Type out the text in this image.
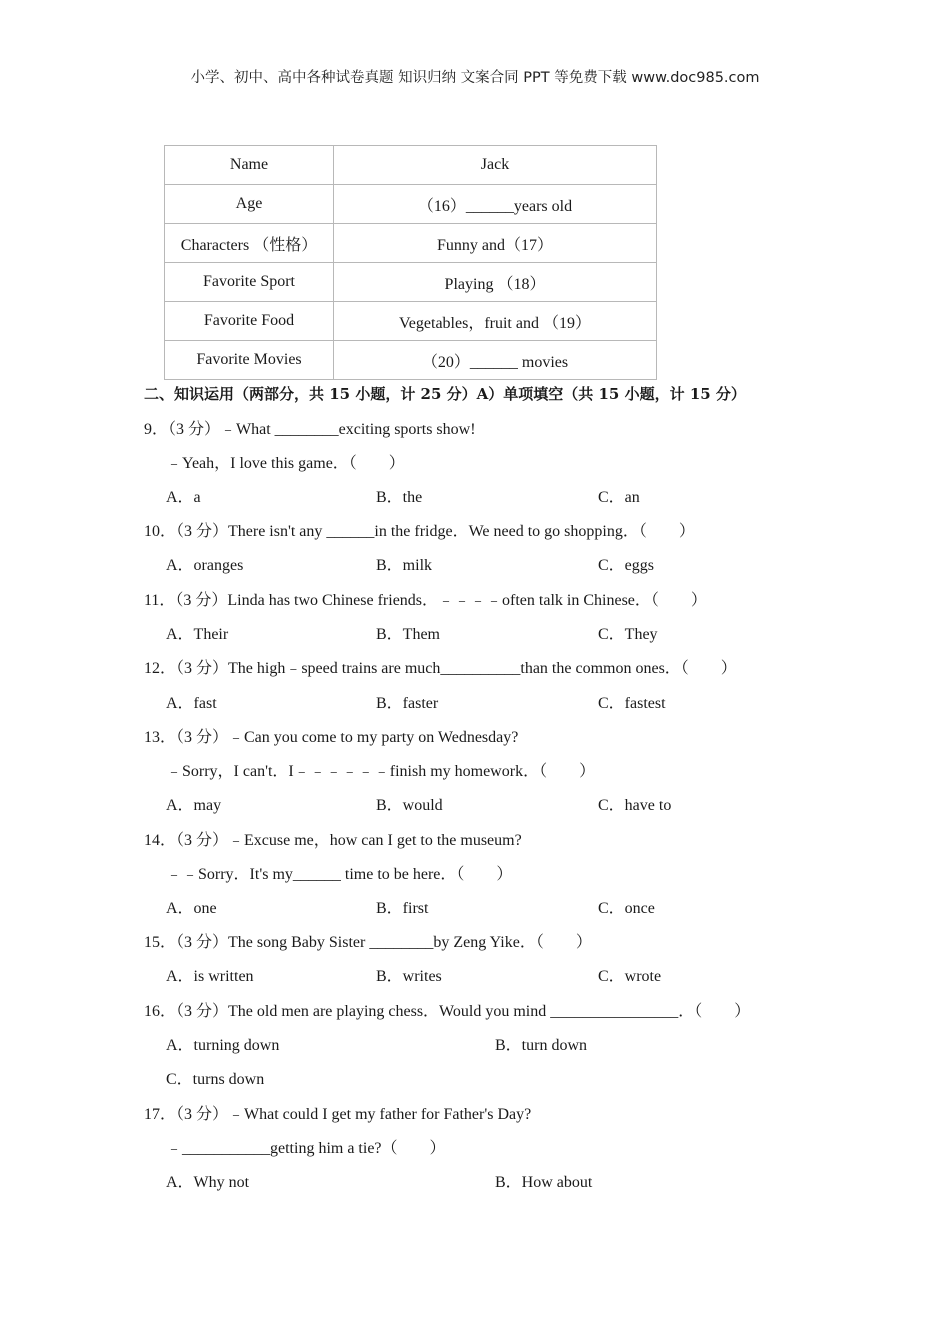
小学、初中、高中各种试卷真题 知识归纳 文案合同 PPT 等免费下载 www.doc985.com
Name	Jack
Age	（16）______years old
Characters （性格）	Funny and（17）
Favorite Sport	Playing （18）
Favorite Food	Vegetables，fruit and （19）
Favorite Movies	（20）______ movies
二、知识运用（两部分，共 15 小题，计 25 分）A）单项填空（共 15 小题，计 15 分）
9．（3 分）﹣What ________exciting sports show!
﹣Yeah，I love this game．（　　）
A．a	B．the	C．an
10．（3 分）There isn't any ______in the fridge．We need to go shopping．（　　）
A．oranges	B．milk	C．eggs
11．（3 分）Linda has two Chinese friends．﹣﹣﹣﹣often talk in Chinese．（　　）
A．Their	B．Them	C．They
12．（3 分）The high﹣speed trains are much__________than the common ones．（　　）
A．fast	B．faster	C．fastest
13．（3 分）﹣Can you come to my party on Wednesday?
﹣Sorry，I can't．I﹣﹣﹣﹣﹣﹣finish my homework．（　　）
A．may	B．would	C．have to
14．（3 分）﹣Excuse me，how can I get to the museum?
﹣﹣Sorry．It's my______ time to be here．（　　）
A．one	B．first	C．once
15．（3 分）The song Baby Sister ________by Zeng Yike．（　　）
A．is written	B．writes	C．wrote
16．（3 分）The old men are playing chess．Would you mind ________________．（　　）
A．turning down	B．turn down
C．turns down
17．（3 分）﹣What could I get my father for Father's Day?
﹣___________getting him a tie?（　　）
A．Why not	B．How about
